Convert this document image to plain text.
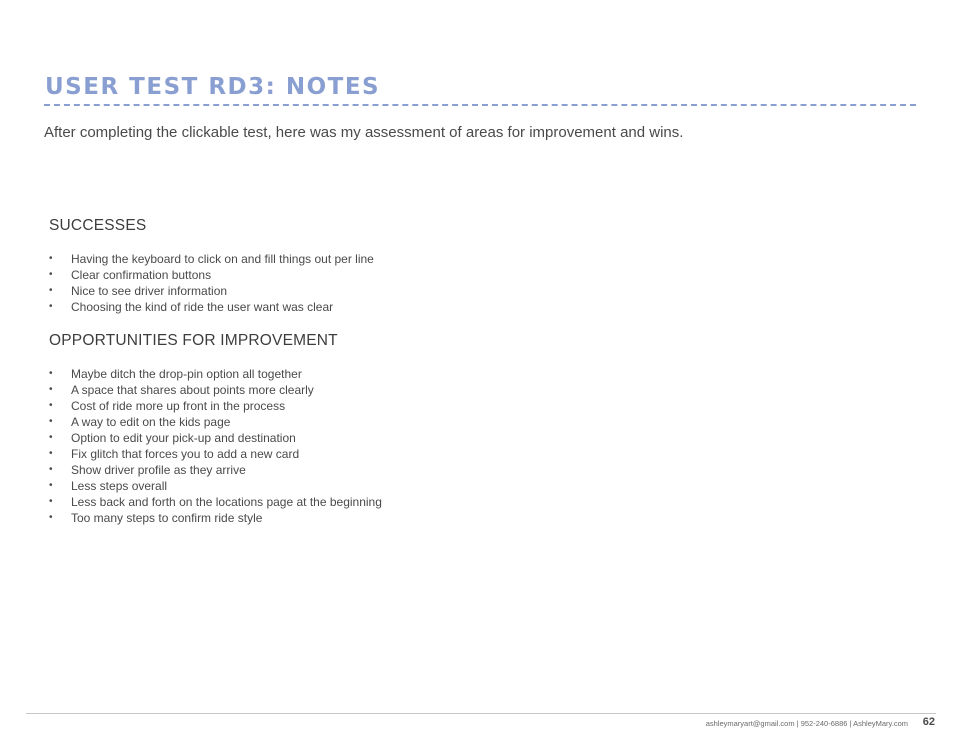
USER TEST RD3: NOTES

After completing the clickable test, here was my assessment of areas for improvement and wins.

SUCCESSES
• Having the keyboard to click on and fill things out per line
• Clear confirmation buttons
• Nice to see driver information
• Choosing the kind of ride the user want was clear
OPPORTUNITIES FOR IMPROVEMENT
• Maybe ditch the drop-pin option all together
• A space that shares about points more clearly
• Cost of ride more up front in the process
• A way to edit on the kids page
• Option to edit your pick-up and destination
• Fix glitch that forces you to add a new card
• Show driver profile as they arrive
• Less steps overall
• Less back and forth on the locations page at the beginning
• Too many steps to confirm ride style
ashleymaryart@gmail.com | 952-240-6886 | AshleyMary.com 62
